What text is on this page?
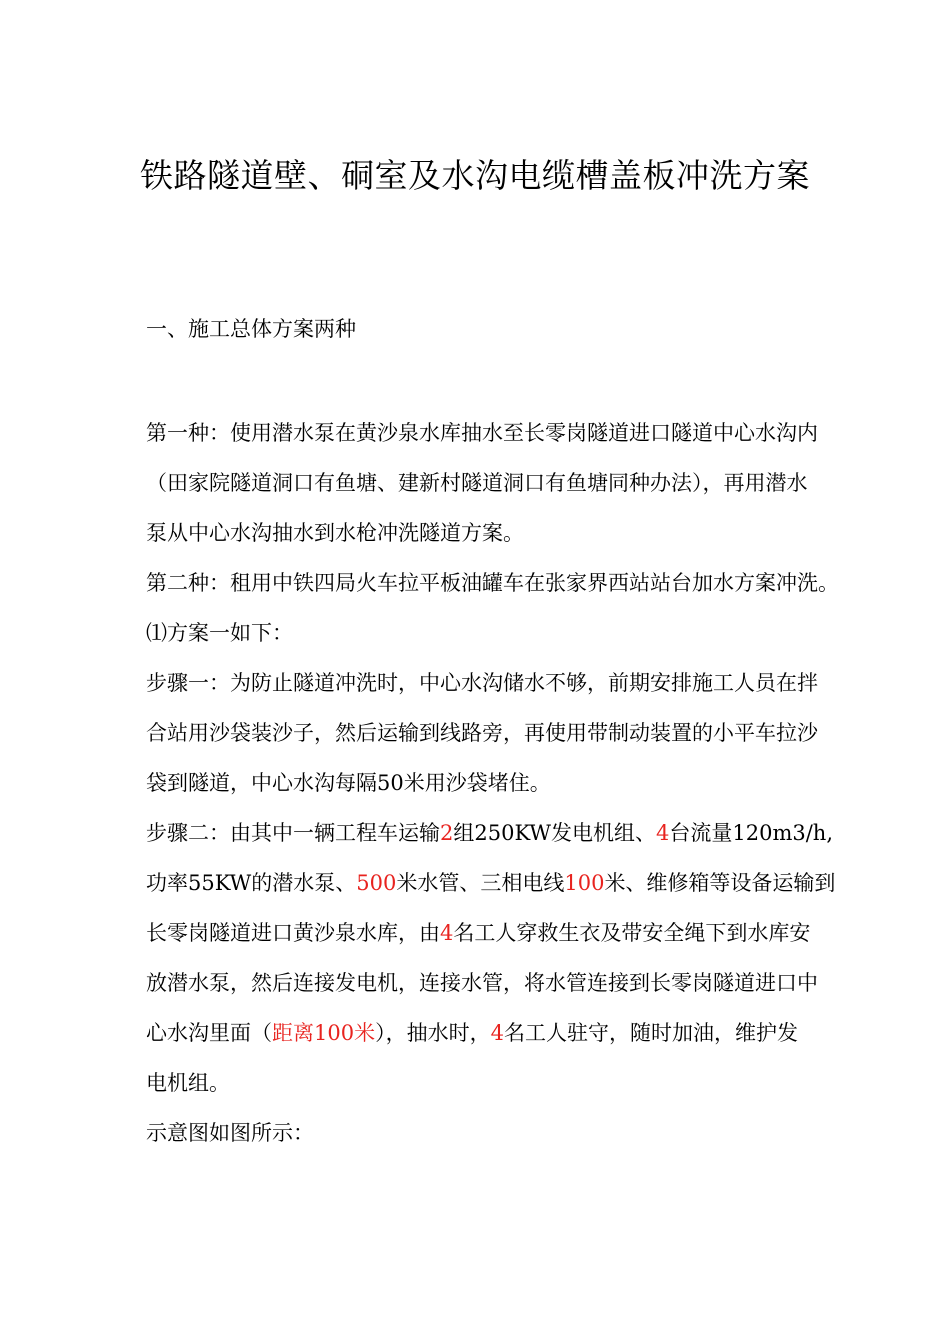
铁路隧道壁、硐室及水沟电缆槽盖板冲洗方案
一、施工总体方案两种
第一种：使用潜水泵在黄沙泉水库抽水至长零岗隧道进口隧道中心水沟内
（田家院隧道洞口有鱼塘、建新村隧道洞口有鱼塘同种办法），再用潜水
泵从中心水沟抽水到水枪冲洗隧道方案。
第二种：租用中铁四局火车拉平板油罐车在张家界西站站台加水方案冲洗。
⑴方案一如下：
步骤一：为防止隧道冲洗时，中心水沟储水不够，前期安排施工人员在拌
合站用沙袋装沙子，然后运输到线路旁，再使用带制动装置的小平车拉沙
袋到隧道，中心水沟每隔50米用沙袋堵住。
步骤二：由其中一辆工程车运输2组250KW发电机组、4台流量120m3/h,
功率55KW的潜水泵、500米水管、三相电线100米、维修箱等设备运输到
长零岗隧道进口黄沙泉水库，由4名工人穿救生衣及带安全绳下到水库安
放潜水泵，然后连接发电机，连接水管，将水管连接到长零岗隧道进口中
心水沟里面（距离100米），抽水时，4名工人驻守，随时加油，维护发
电机组。
示意图如图所示：
